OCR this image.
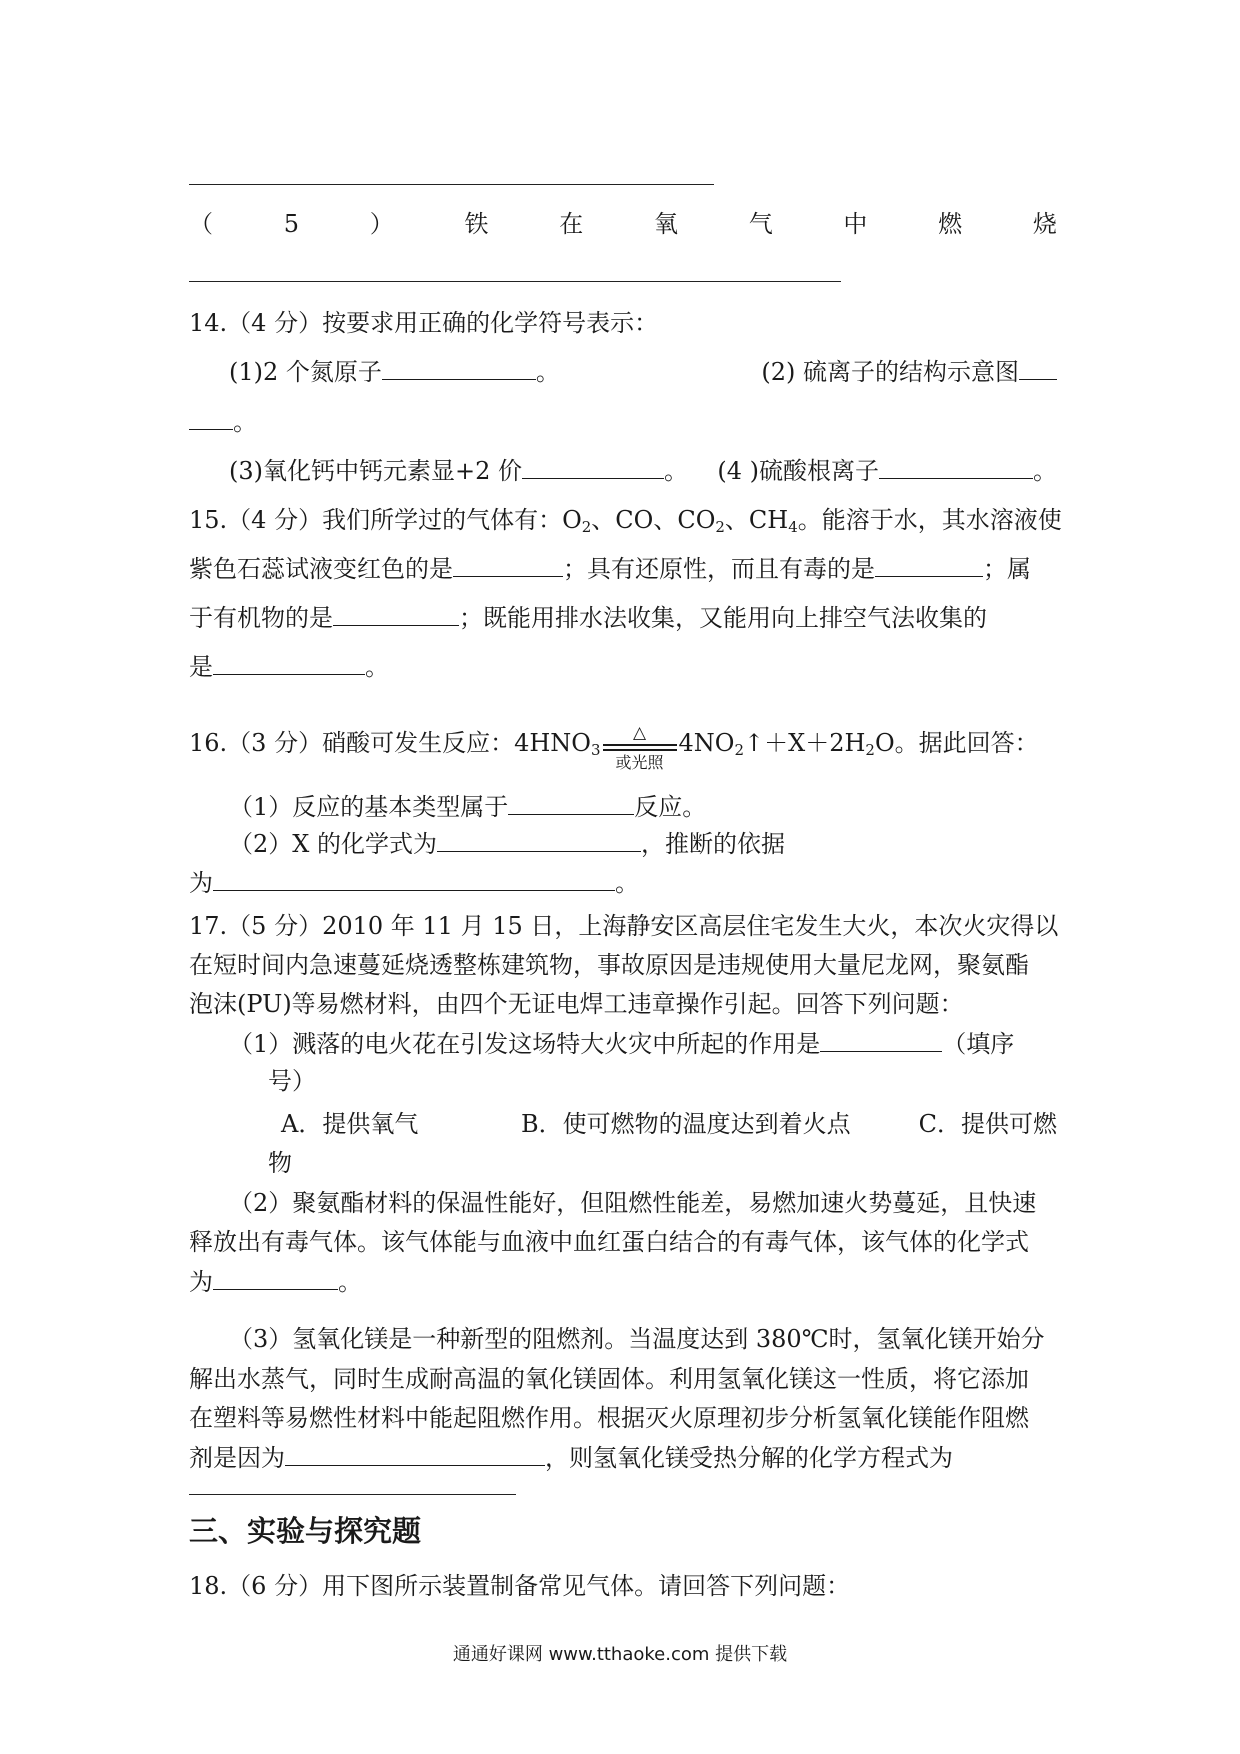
（	5	）	铁	在	氧	气	中	燃	烧
14.（4 分）按要求用正确的化学符号表示：
(1)2 个氮原子	。	(2) 硫离子的结构示意图
。
(3)氧化钙中钙元素显+2 价	。	(4 )硫酸根离子	。
15.（4 分）我们所学过的气体有：$O_2$、CO、$CO_2$、$CH_4$。能溶于水，其水溶液使
紫色石蕊试液变红色的是	；具有还原性，而且有毒的是	；属
于有机物的是	；既能用排水法收集，又能用向上排空气法收集的
是	。
16.（3 分）硝酸可发生反应：$4HNO_3$
△
或光照
$4NO_2↑+X+2H_2O$。据此回答：
（1）反应的基本类型属于	反应。
（2）X 的化学式为	，推断的依据
为	。
17.（5 分）2010 年 11 月 15 日，上海静安区高层住宅发生大火，本次火灾得以
在短时间内急速蔓延烧透整栋建筑物，事故原因是违规使用大量尼龙网，聚氨酯
泡沫(PU)等易燃材料，由四个无证电焊工违章操作引起。回答下列问题：
（1）溅落的电火花在引发这场特大火灾中所起的作用是	（填序
号）
A．提供氧气	B．使可燃物的温度达到着火点	C．提供可燃
物
（2）聚氨酯材料的保温性能好，但阻燃性能差，易燃加速火势蔓延，且快速
释放出有毒气体。该气体能与血液中血红蛋白结合的有毒气体，该气体的化学式
为	。
（3）氢氧化镁是一种新型的阻燃剂。当温度达到 380℃时，氢氧化镁开始分
解出水蒸气，同时生成耐高温的氧化镁固体。利用氢氧化镁这一性质，将它添加
在塑料等易燃性材料中能起阻燃作用。根据灭火原理初步分析氢氧化镁能作阻燃
剂是因为	，则氢氧化镁受热分解的化学方程式为
三、实验与探究题
18.（6 分）用下图所示装置制备常见气体。请回答下列问题：
通通好课网 www.tthaoke.com 提供下载
